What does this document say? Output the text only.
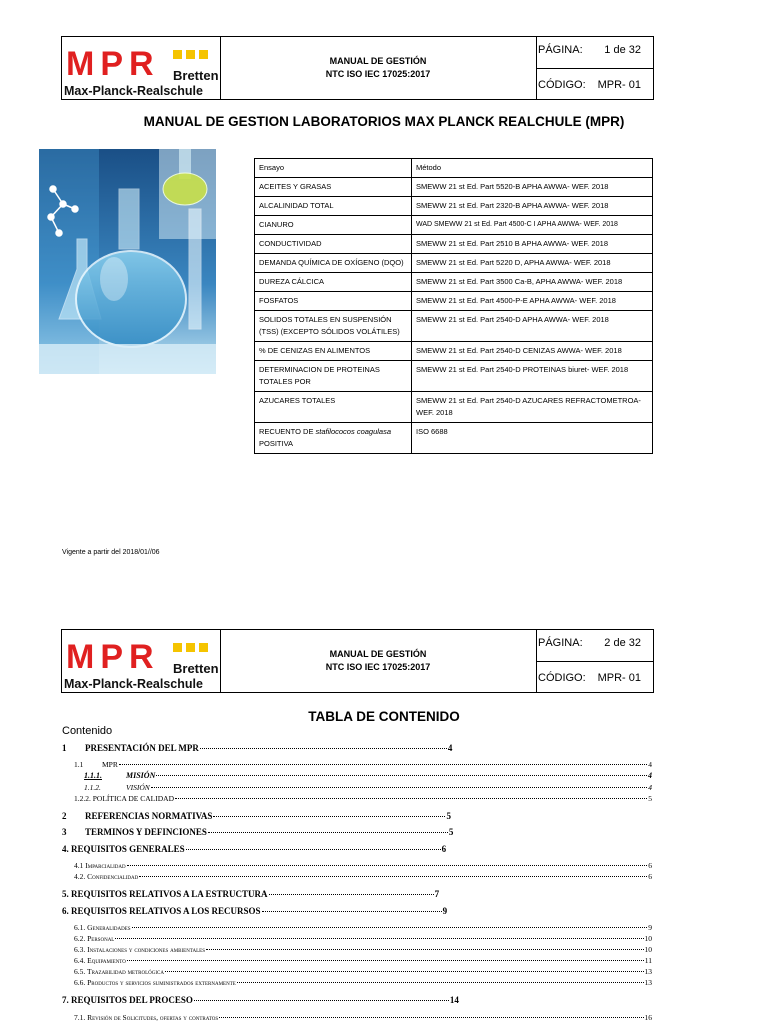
MPR Bretten
Max-Planck-Realschule
MANUAL DE GESTIÓN
NTC ISO IEC 17025:2017
PÁGINA: 1 de 32
CÓDIGO: MPR- 01
MANUAL DE GESTION LABORATORIOS MAX PLANCK REALCHULE (MPR)
Ensayo	Método
ACEITES Y GRASAS	SMEWW 21 st Ed. Part 5520-B APHA AWWA- WEF. 2018
ALCALINIDAD TOTAL	SMEWW 21 st Ed. Part 2320-B APHA AWWA- WEF. 2018
CIANURO	WAD SMEWW 21 st Ed. Part 4500-C I APHA AWWA- WEF. 2018
CONDUCTIVIDAD	SMEWW 21 st Ed. Part 2510 B APHA AWWA- WEF. 2018
DEMANDA QUÍMICA DE OXÍGENO (DQO)	SMEWW 21 st Ed. Part 5220 D, APHA AWWA- WEF. 2018
DUREZA CÁLCICA	SMEWW 21 st Ed. Part 3500 Ca-B, APHA AWWA- WEF. 2018
FOSFATOS	SMEWW 21 st Ed. Part 4500-P-E APHA AWWA- WEF. 2018
SOLIDOS TOTALES EN SUSPENSIÓN (TSS) (EXCEPTO SÓLIDOS VOLÁTILES)	SMEWW 21 st Ed. Part 2540-D APHA AWWA- WEF. 2018
% DE CENIZAS EN ALIMENTOS	SMEWW 21 st Ed. Part 2540-D CENIZAS AWWA- WEF. 2018
DETERMINACION DE PROTEINAS TOTALES POR	SMEWW 21 st Ed. Part 2540-D PROTEINAS biuret- WEF. 2018
AZUCARES TOTALES	SMEWW 21 st Ed. Part 2540-D AZUCARES REFRACTOMETROA- WEF. 2018
RECUENTO DE stafilococos coagulasa POSITIVA	ISO 6688
Vigente a partir del 2018/01//06
MPR Bretten
Max-Planck-Realschule
MANUAL DE GESTIÓN
NTC ISO IEC 17025:2017
PÁGINA: 2 de 32
CÓDIGO: MPR- 01
TABLA DE CONTENIDO
Contenido
1	PRESENTACIÓN DEL MPR	4
1.1	MPR	4
1.1.1.	MISIÓN	4
1.1.2.	VISIÓN	4
1.2.2. POLÍTICA DE CALIDAD	5
2	REFERENCIAS NORMATIVAS	5
3	TERMINOS Y DEFINCIONES	5
4. REQUISITOS GENERALES	6
4.1 Imparcialidad	6
4.2. Confidencialidad	6
5. REQUISITOS RELATIVOS A LA ESTRUCTURA	7
6. REQUISITOS RELATIVOS A LOS RECURSOS	9
6.1. Generalidades	9
6.2. Personal	10
6.3. Instalaciones y condiciones ambientales	10
6.4. Equipamiento	11
6.5. Trazabilidad metrológica	13
6.6. Productos y servicios suministrados externamente	13
7. REQUISITOS DEL PROCESO	14
7.1. Revisión de Solicitudes, ofertas y contratos	16
